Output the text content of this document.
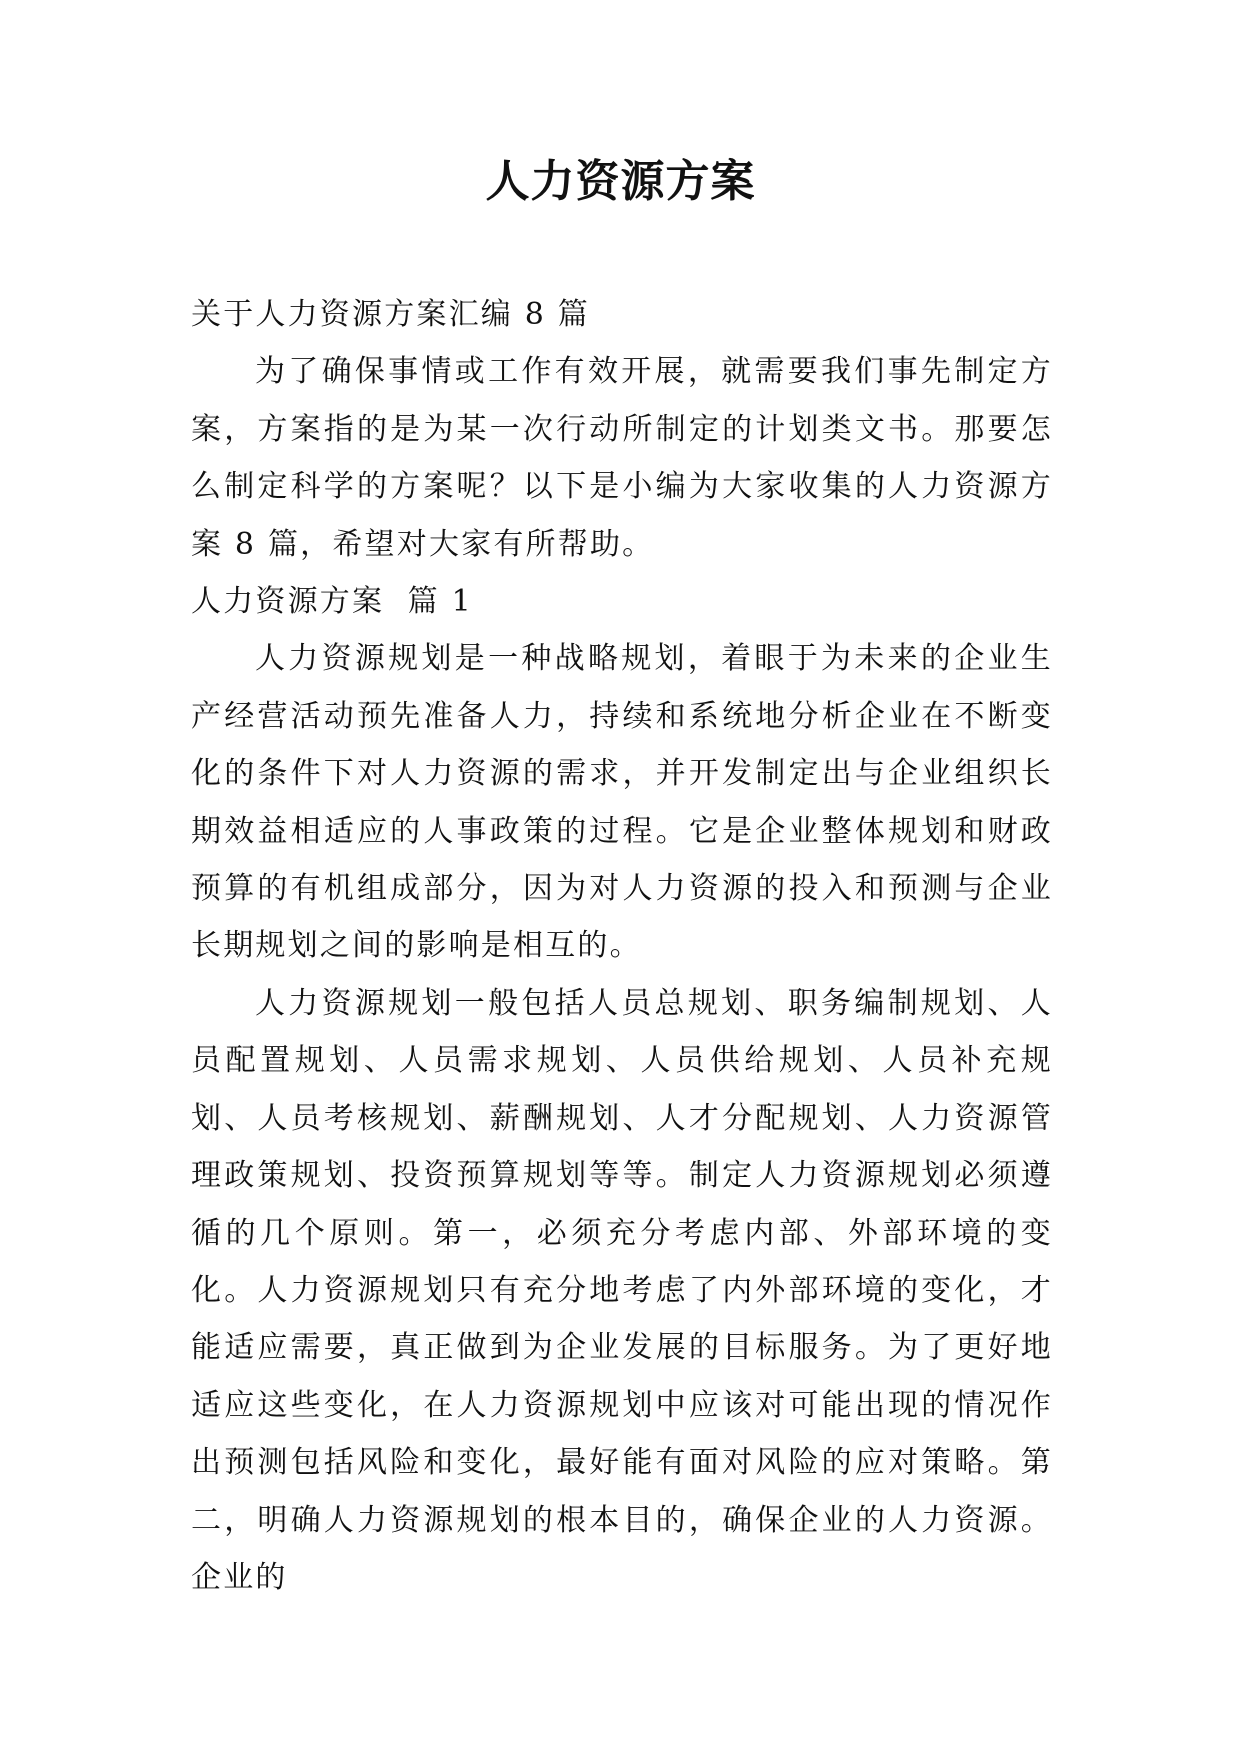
人力资源方案

关于人力资源方案汇编 8 篇

为了确保事情或工作有效开展，就需要我们事先制定方案，方案指的是为某一次行动所制定的计划类文书。那要怎么制定科学的方案呢？以下是小编为大家收集的人力资源方案 8 篇，希望对大家有所帮助。

人力资源方案  篇 1

人力资源规划是一种战略规划，着眼于为未来的企业生产经营活动预先准备人力，持续和系统地分析企业在不断变化的条件下对人力资源的需求，并开发制定出与企业组织长期效益相适应的人事政策的过程。它是企业整体规划和财政预算的有机组成部分，因为对人力资源的投入和预测与企业长期规划之间的影响是相互的。

人力资源规划一般包括人员总规划、职务编制规划、人员配置规划、人员需求规划、人员供给规划、人员补充规划、人员考核规划、薪酬规划、人才分配规划、人力资源管理政策规划、投资预算规划等等。制定人力资源规划必须遵循的几个原则。第一，必须充分考虑内部、外部环境的变化。人力资源规划只有充分地考虑了内外部环境的变化，才能适应需要，真正做到为企业发展的目标服务。为了更好地适应这些变化，在人力资源规划中应该对可能出现的情况作出预测包括风险和变化，最好能有面对风险的应对策略。第二，明确人力资源规划的根本目的，确保企业的人力资源。企业的
